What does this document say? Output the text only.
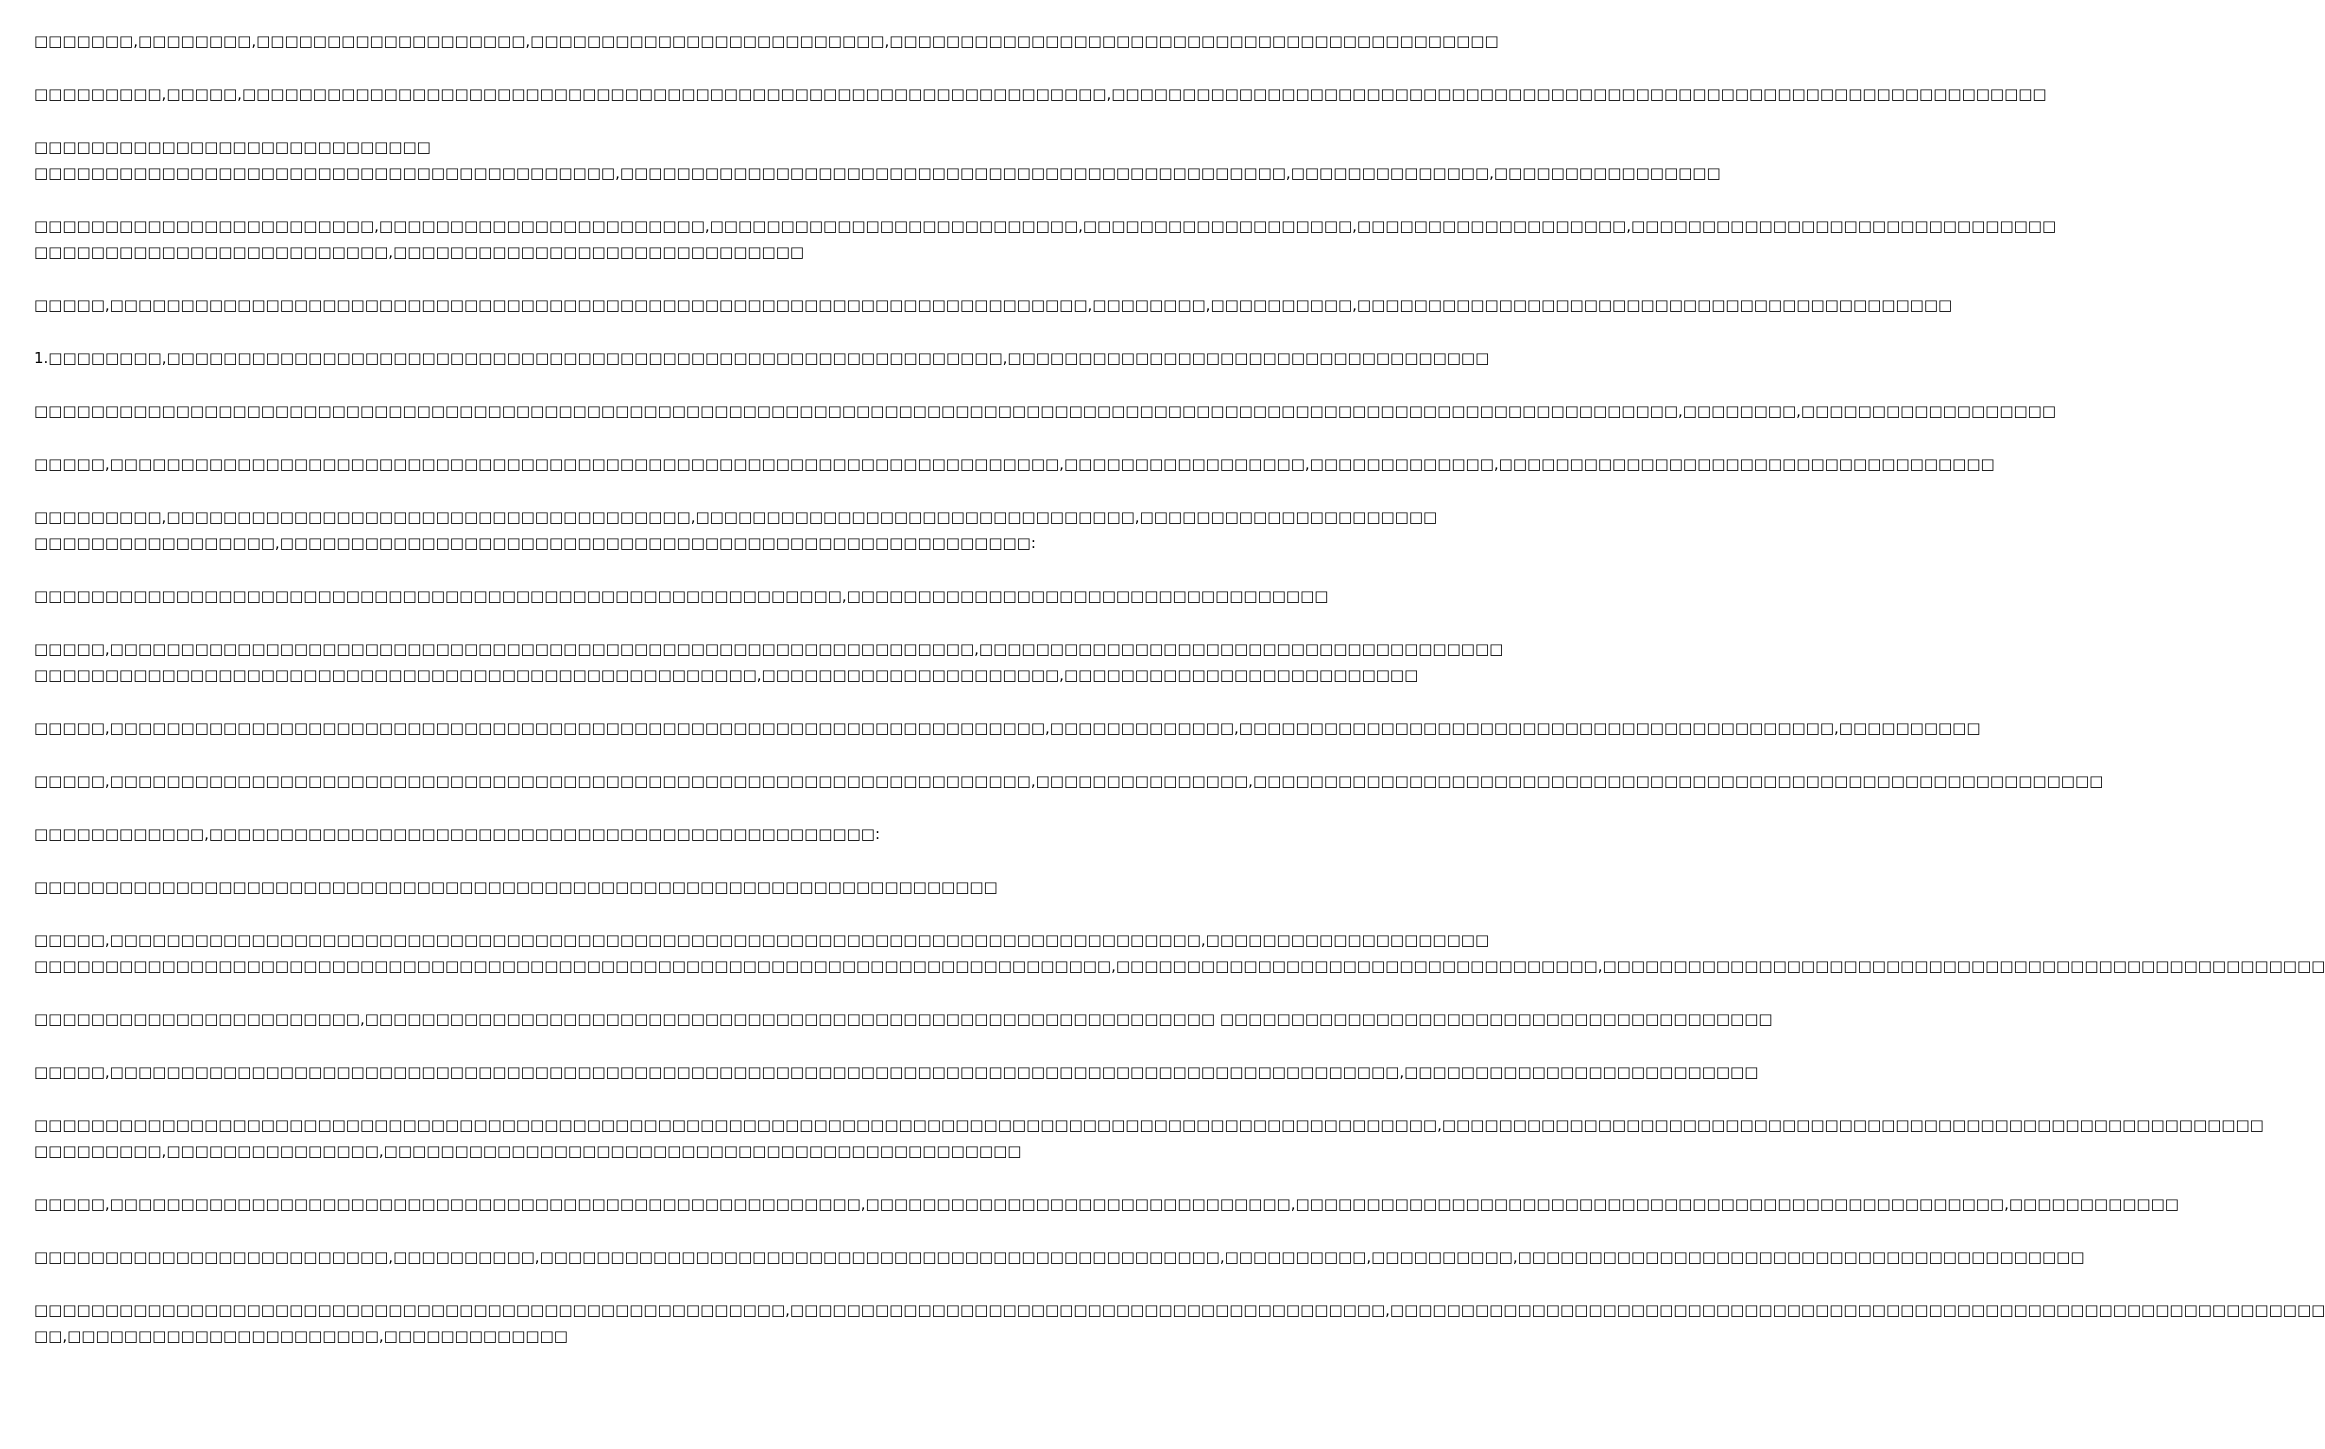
□□□□□□□,□□□□□□□□,□□□□□□□□□□□□□□□□□□□,□□□□□□□□□□□□□□□□□□□□□□□□□,□□□□□□□□□□□□□□□□□□□□□□□□□□□□□□□□□□□□□□□□□□□

□□□□□□□□□,□□□□□,□□□□□□□□□□□□□□□□□□□□□□□□□□□□□□□□□□□□□□□□□□□□□□□□□□□□□□□□□□□□□,□□□□□□□□□□□□□□□□□□□□□□□□□□□□□□□□□□□□□□□□□□□□□□□□□□□□□□□□□□□□□□□□□□

□□□□□□□□□□□□□□□□□□□□□□□□□□□□
□□□□□□□□□□□□□□□□□□□□□□□□□□□□□□□□□□□□□□□□□,□□□□□□□□□□□□□□□□□□□□□□□□□□□□□□□□□□□□□□□□□□□□□□□,□□□□□□□□□□□□□□,□□□□□□□□□□□□□□□□

□□□□□□□□□□□□□□□□□□□□□□□□,□□□□□□□□□□□□□□□□□□□□□□□,□□□□□□□□□□□□□□□□□□□□□□□□□□,□□□□□□□□□□□□□□□□□□□,□□□□□□□□□□□□□□□□□□□,□□□□□□□□□□□□□□□□□□□□□□□□□□□□□□
□□□□□□□□□□□□□□□□□□□□□□□□□,□□□□□□□□□□□□□□□□□□□□□□□□□□□□□

□□□□□,□□□□□□□□□□□□□□□□□□□□□□□□□□□□□□□□□□□□□□□□□□□□□□□□□□□□□□□□□□□□□□□□□□□□□,□□□□□□□□,□□□□□□□□□□,□□□□□□□□□□□□□□□□□□□□□□□□□□□□□□□□□□□□□□□□□□

1.□□□□□□□□,□□□□□□□□□□□□□□□□□□□□□□□□□□□□□□□□□□□□□□□□□□□□□□□□□□□□□□□□□□□,□□□□□□□□□□□□□□□□□□□□□□□□□□□□□□□□□□

□□□□□□□□□□□□□□□□□□□□□□□□□□□□□□□□□□□□□□□□□□□□□□□□□□□□□□□□□□□□□□□□□□□□□□□□□□□□□□□□□□□□□□□□□□□□□□□□□□□□□□□□□□□□□□□□□□□□,□□□□□□□□,□□□□□□□□□□□□□□□□□□

□□□□□,□□□□□□□□□□□□□□□□□□□□□□□□□□□□□□□□□□□□□□□□□□□□□□□□□□□□□□□□□□□□□□□□□□□,□□□□□□□□□□□□□□□□□,□□□□□□□□□□□□□,□□□□□□□□□□□□□□□□□□□□□□□□□□□□□□□□□□□

□□□□□□□□□,□□□□□□□□□□□□□□□□□□□□□□□□□□□□□□□□□□□□□,□□□□□□□□□□□□□□□□□□□□□□□□□□□□□□□,□□□□□□□□□□□□□□□□□□□□□
□□□□□□□□□□□□□□□□□,□□□□□□□□□□□□□□□□□□□□□□□□□□□□□□□□□□□□□□□□□□□□□□□□□□□□□:

□□□□□□□□□□□□□□□□□□□□□□□□□□□□□□□□□□□□□□□□□□□□□□□□□□□□□□□□□,□□□□□□□□□□□□□□□□□□□□□□□□□□□□□□□□□□

□□□□□,□□□□□□□□□□□□□□□□□□□□□□□□□□□□□□□□□□□□□□□□□□□□□□□□□□□□□□□□□□□□□,□□□□□□□□□□□□□□□□□□□□□□□□□□□□□□□□□□□□□
□□□□□□□□□□□□□□□□□□□□□□□□□□□□□□□□□□□□□□□□□□□□□□□□□□□,□□□□□□□□□□□□□□□□□□□□□,□□□□□□□□□□□□□□□□□□□□□□□□□

□□□□□,□□□□□□□□□□□□□□□□□□□□□□□□□□□□□□□□□□□□□□□□□□□□□□□□□□□□□□□□□□□□□□□□□□,□□□□□□□□□□□□□,□□□□□□□□□□□□□□□□□□□□□□□□□□□□□□□□□□□□□□□□□□,□□□□□□□□□□

□□□□□,□□□□□□□□□□□□□□□□□□□□□□□□□□□□□□□□□□□□□□□□□□□□□□□□□□□□□□□□□□□□□□□□□,□□□□□□□□□□□□□□□,□□□□□□□□□□□□□□□□□□□□□□□□□□□□□□□□□□□□□□□□□□□□□□□□□□□□□□□□□□□□

□□□□□□□□□□□□,□□□□□□□□□□□□□□□□□□□□□□□□□□□□□□□□□□□□□□□□□□□□□□□:

□□□□□□□□□□□□□□□□□□□□□□□□□□□□□□□□□□□□□□□□□□□□□□□□□□□□□□□□□□□□□□□□□□□□

□□□□□,□□□□□□□□□□□□□□□□□□□□□□□□□□□□□□□□□□□□□□□□□□□□□□□□□□□□□□□□□□□□□□□□□□□□□□□□□□□□□,□□□□□□□□□□□□□□□□□□□□
□□□□□□□□□□□□□□□□□□□□□□□□□□□□□□□□□□□□□□□□□□□□□□□□□□□□□□□□□□□□□□□□□□□□□□□□□□□□,□□□□□□□□□□□□□□□□□□□□□□□□□□□□□□□□□□,□□□□□□□□□□□□□□□□□□□□□□□□□□□□□□□□□□□□□□□□□□□□□□□□□□□

□□□□□□□□□□□□□□□□□□□□□□□,□□□□□□□□□□□□□□□□□□□□□□□□□□□□□□□□□□□□□□□□□□□□□□□□□□□□□□□□□□□□ □□□□□□□□□□□□□□□□□□□□□□□□□□□□□□□□□□□□□□□

□□□□□,□□□□□□□□□□□□□□□□□□□□□□□□□□□□□□□□□□□□□□□□□□□□□□□□□□□□□□□□□□□□□□□□□□□□□□□□□□□□□□□□□□□□□□□□□□□,□□□□□□□□□□□□□□□□□□□□□□□□□

□□□□□□□□□□□□□□□□□□□□□□□□□□□□□□□□□□□□□□□□□□□□□□□□□□□□□□□□□□□□□□□□□□□□□□□□□□□□□□□□□□□□□□□□□□□□□□□□□□□,□□□□□□□□□□□□□□□□□□□□□□□□□□□□□□□□□□□□□□□□□□□□□□□□□□□□□□□□□□
□□□□□□□□□,□□□□□□□□□□□□□□□,□□□□□□□□□□□□□□□□□□□□□□□□□□□□□□□□□□□□□□□□□□□□□

□□□□□,□□□□□□□□□□□□□□□□□□□□□□□□□□□□□□□□□□□□□□□□□□□□□□□□□□□□□,□□□□□□□□□□□□□□□□□□□□□□□□□□□□□□,□□□□□□□□□□□□□□□□□□□□□□□□□□□□□□□□□□□□□□□□□□□□□□□□□□,□□□□□□□□□□□□

□□□□□□□□□□□□□□□□□□□□□□□□□,□□□□□□□□□□,□□□□□□□□□□□□□□□□□□□□□□□□□□□□□□□□□□□□□□□□□□□□□□□□,□□□□□□□□□□,□□□□□□□□□□,□□□□□□□□□□□□□□□□□□□□□□□□□□□□□□□□□□□□□□□□

□□□□□□□□□□□□□□□□□□□□□□□□□□□□□□□□□□□□□□□□□□□□□□□□□□□□□,□□□□□□□□□□□□□□□□□□□□□□□□□□□□□□□□□□□□□□□□□□,□□□□□□□□□□□□□□□□□□□□□□□□□□□□□□□□□□□□□□□□□□□□□□□□□□□□□□□□□□□□□□□□□□
□□,□□□□□□□□□□□□□□□□□□□□□□,□□□□□□□□□□□□□
